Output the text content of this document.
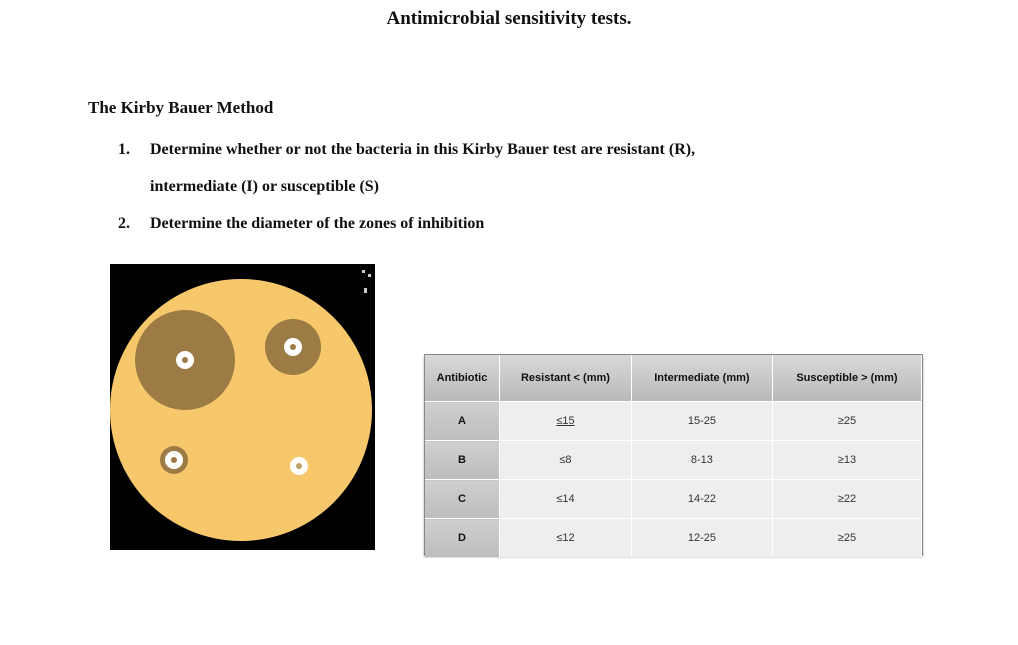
Antimicrobial sensitivity tests.
The Kirby Bauer Method
1. Determine whether or not the bacteria in this Kirby Bauer test are resistant (R),
intermediate (I) or susceptible (S)
2. Determine the diameter of the zones of inhibition
Antibiotic	Resistant < (mm)	Intermediate (mm)	Susceptible > (mm)
A	≤15	15-25	≥25
B	≤8	8-13	≥13
C	≤14	14-22	≥22
D	≤12	12-25	≥25
